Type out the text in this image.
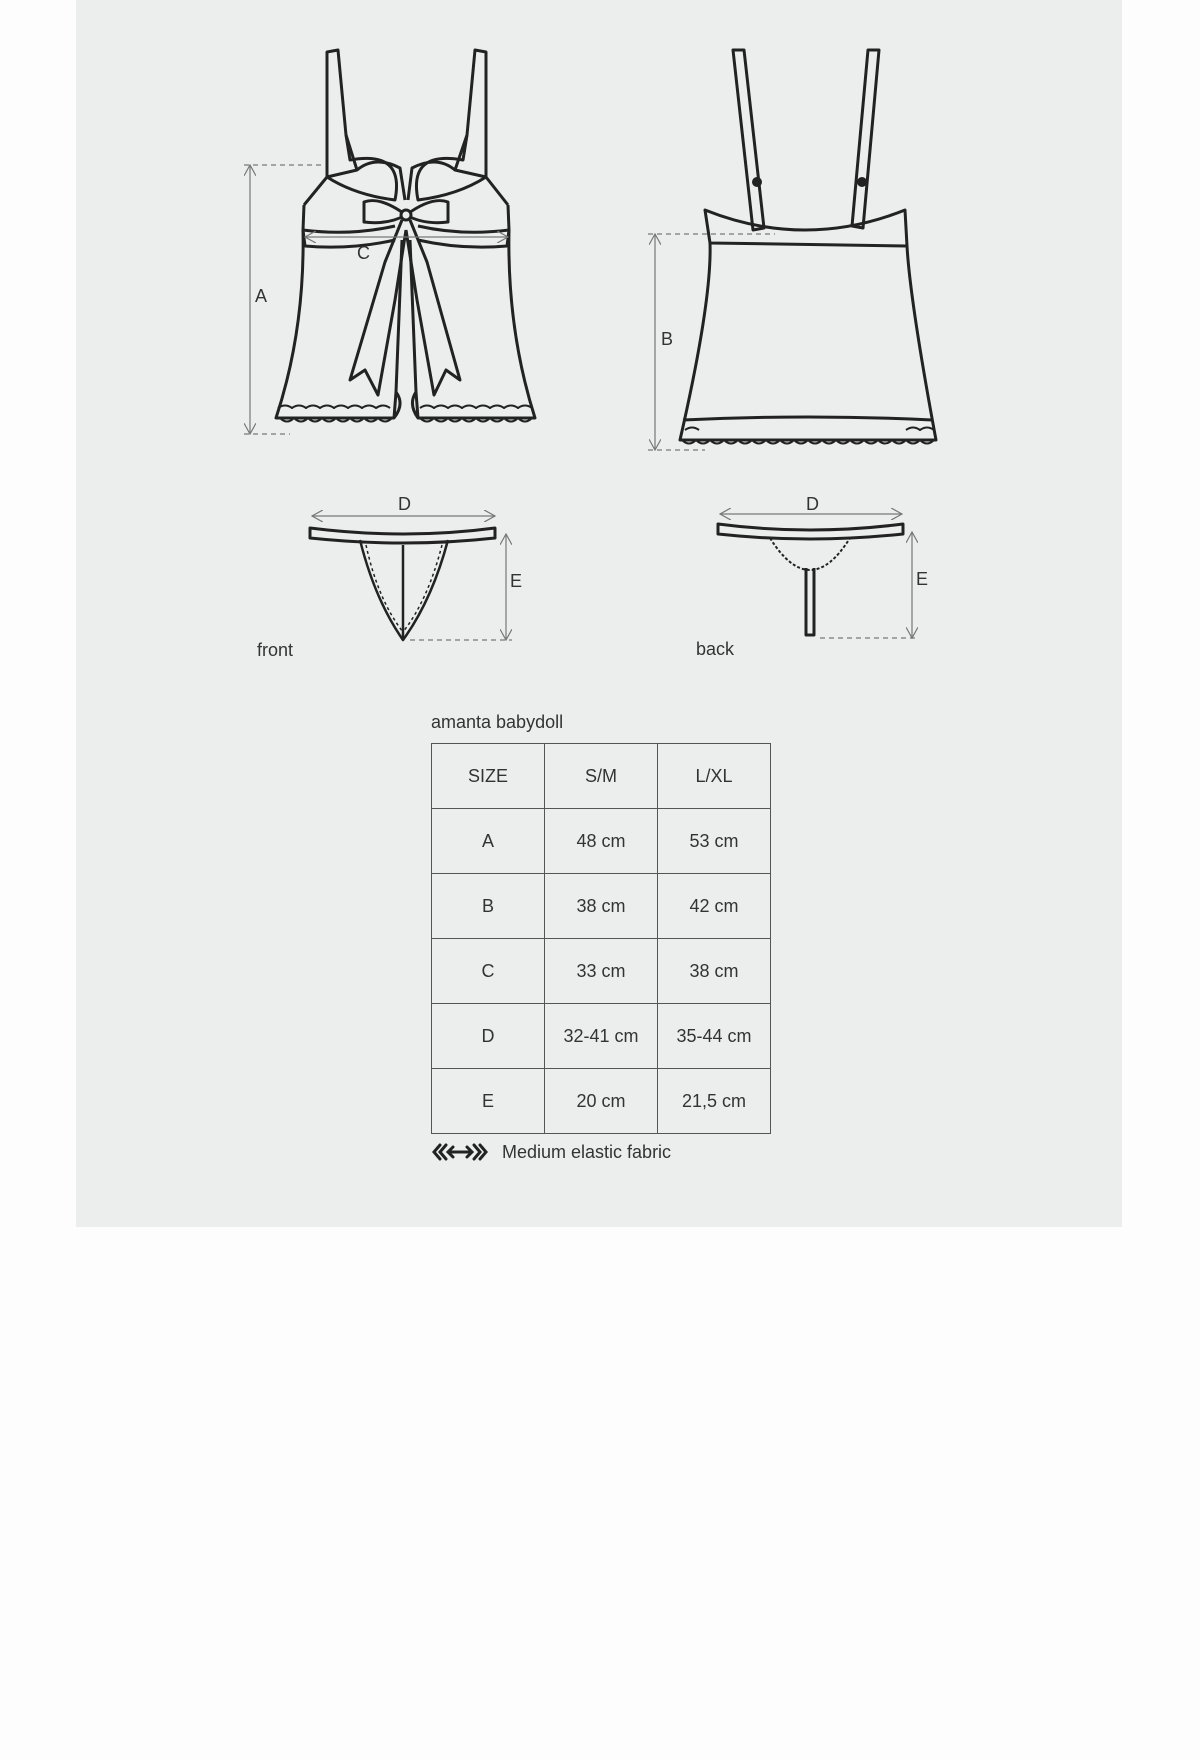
A
C
B
D
E
D
E
front	back
amanta babydoll
SIZE	S/M	L/XL
A	48 cm	53 cm
B	38 cm	42 cm
C	33 cm	38 cm
D	32-41 cm	35-44 cm
E	20 cm	21,5 cm
Medium elastic fabric
